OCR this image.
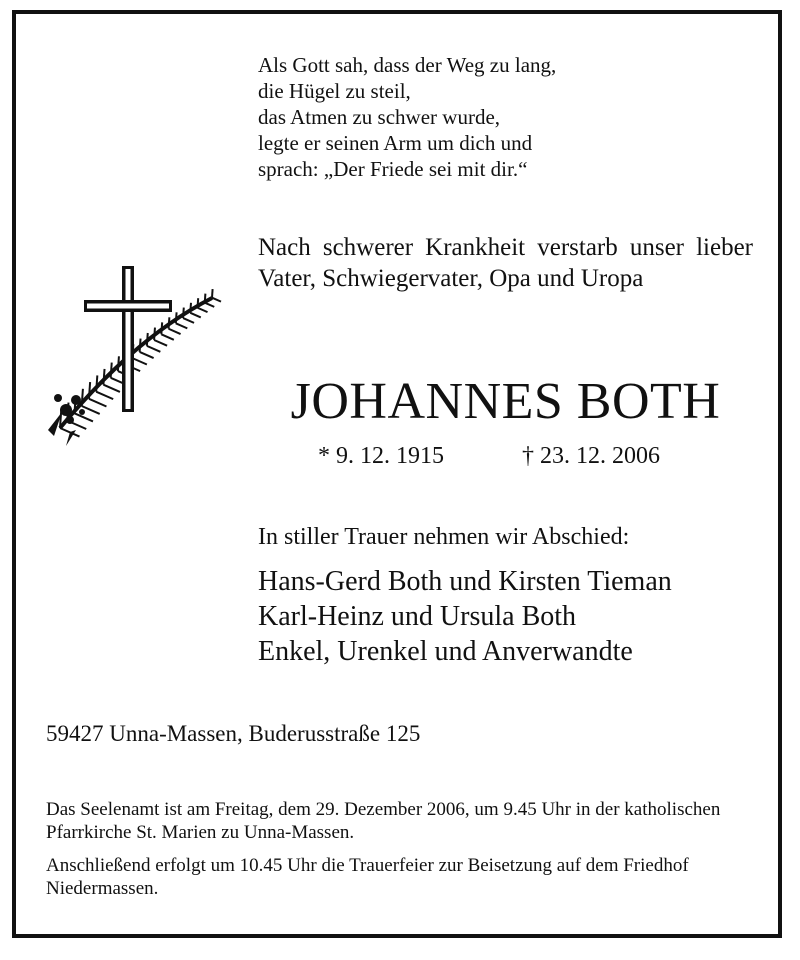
Als Gott sah, dass der Weg zu lang,
die Hügel zu steil,
das Atmen zu schwer wurde,
legte er seinen Arm um dich und
sprach: „Der Friede sei mit dir.“
Nach schwerer Krankheit verstarb unser lieber Vater, Schwiegervater, Opa und Uropa
JOHANNES BOTH
* 9. 12. 1915	† 23. 12. 2006
In stiller Trauer nehmen wir Abschied:
Hans-Gerd Both und Kirsten Tieman
Karl-Heinz und Ursula Both
Enkel, Urenkel und Anverwandte
59427 Unna-Massen, Buderusstraße 125

Das Seelenamt ist am Freitag, dem 29. Dezember 2006, um 9.45 Uhr in der katholischen Pfarrkirche St. Marien zu Unna-Massen.

Anschließend erfolgt um 10.45 Uhr die Trauerfeier zur Beisetzung auf dem Friedhof Niedermassen.
